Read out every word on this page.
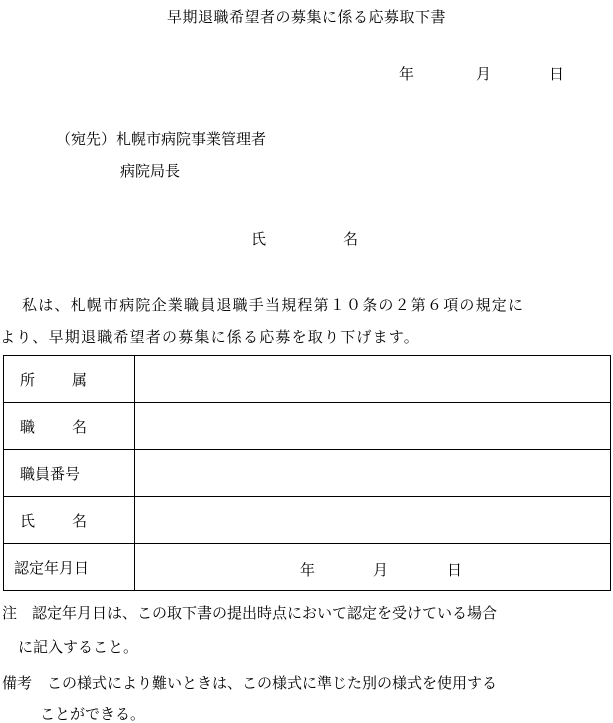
早期退職希望者の募集に係る応募取下書
年	月	日
（宛先）札幌市病院事業管理者
病院局長
氏	名
私は、札幌市病院企業職員退職手当規程第１０条の２第６項の規定に
より、早期退職希望者の募集に係る応募を取り下げます。
所 属	
職 名	
職員番号	
氏 名	
認定年月日	年 月 日
注　認定年月日は、この取下書の提出時点において認定を受けている場合
に記入すること。
備考　この様式により難いときは、この様式に準じた別の様式を使用する
ことができる。
